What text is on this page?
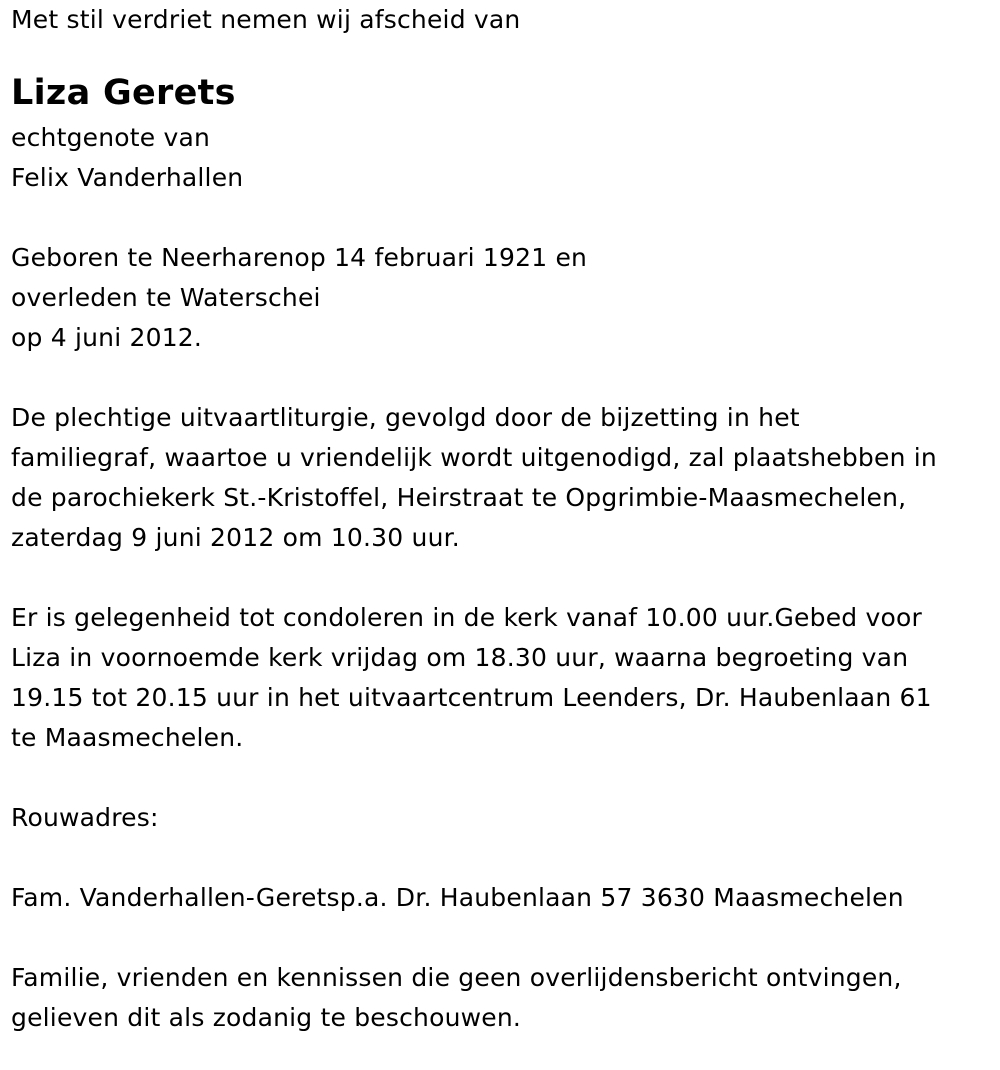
Met stil verdriet nemen wij afscheid van
Liza Gerets
echtgenote van
Felix Vanderhallen
Geboren te Neerharenop 14 februari 1921 en
overleden te Waterschei
op 4 juni 2012.
De plechtige uitvaartliturgie, gevolgd door de bijzetting in het
familiegraf, waartoe u vriendelijk wordt uitgenodigd, zal plaatshebben in
de parochiekerk St.-Kristoffel, Heirstraat te Opgrimbie-Maasmechelen,
zaterdag 9 juni 2012 om 10.30 uur.
Er is gelegenheid tot condoleren in de kerk vanaf 10.00 uur.Gebed voor
Liza in voornoemde kerk vrijdag om 18.30 uur, waarna begroeting van
19.15 tot 20.15 uur in het uitvaartcentrum Leenders, Dr. Haubenlaan 61
te Maasmechelen.
Rouwadres:
Fam. Vanderhallen-Geretsp.a. Dr. Haubenlaan 57 3630 Maasmechelen
Familie, vrienden en kennissen die geen overlijdensbericht ontvingen,
gelieven dit als zodanig te beschouwen.
